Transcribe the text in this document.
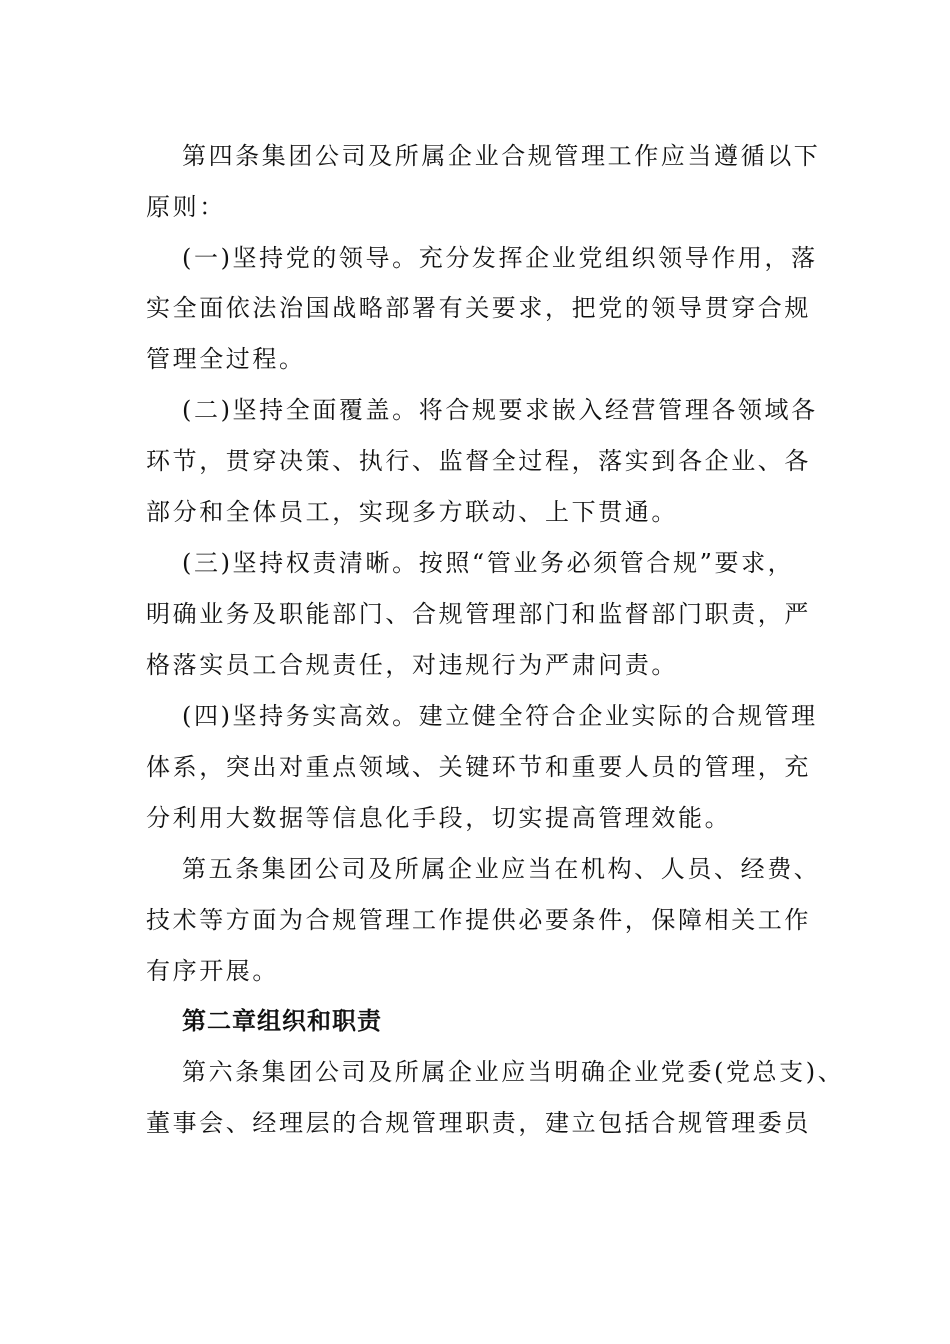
第四条集团公司及所属企业合规管理工作应当遵循以下
原则：
(一)坚持党的领导。充分发挥企业党组织领导作用，落
实全面依法治国战略部署有关要求，把党的领导贯穿合规
管理全过程。
(二)坚持全面覆盖。将合规要求嵌入经营管理各领域各
环节，贯穿决策、执行、监督全过程，落实到各企业、各
部分和全体员工，实现多方联动、上下贯通。
(三)坚持权责清晰。按照“管业务必须管合规”要求，
明确业务及职能部门、合规管理部门和监督部门职责，严
格落实员工合规责任，对违规行为严肃问责。
(四)坚持务实高效。建立健全符合企业实际的合规管理
体系，突出对重点领域、关键环节和重要人员的管理，充
分利用大数据等信息化手段，切实提高管理效能。
第五条集团公司及所属企业应当在机构、人员、经费、
技术等方面为合规管理工作提供必要条件，保障相关工作
有序开展。
第二章组织和职责
第六条集团公司及所属企业应当明确企业党委(党总支)、
董事会、经理层的合规管理职责，建立包括合规管理委员
